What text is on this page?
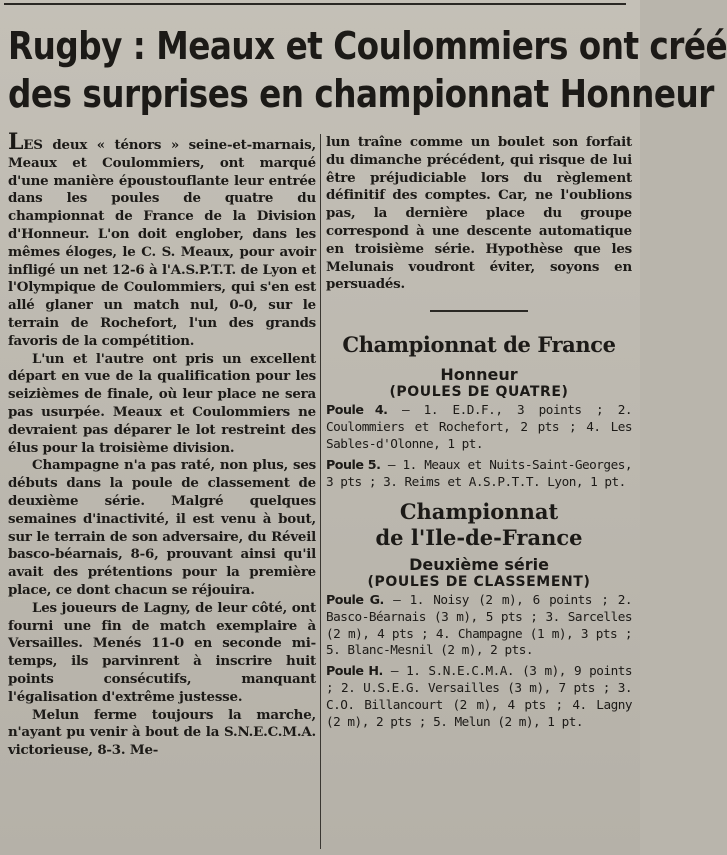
Rugby : Meaux et Coulommiers ont créé
des surprises en championnat Honneur

LES deux « ténors » seine-et-marnais, Meaux et Coulommiers, ont marqué d'une manière époustouflante leur entrée dans les poules de quatre du championnat de France de la Division d'Honneur. L'on doit englober, dans les mêmes éloges, le C. S. Meaux, pour avoir infligé un net 12-6 à l'A.S.P.T.T. de Lyon et l'Olympique de Coulommiers, qui s'en est allé glaner un match nul, 0-0, sur le terrain de Rochefort, l'un des grands favoris de la compétition.

L'un et l'autre ont pris un excellent départ en vue de la qualification pour les seizièmes de finale, où leur place ne sera pas usurpée. Meaux et Coulommiers ne devraient pas déparer le lot restreint des élus pour la troisième division.

Champagne n'a pas raté, non plus, ses débuts dans la poule de classement de deuxième série. Malgré quelques semaines d'inactivité, il est venu à bout, sur le terrain de son adversaire, du Réveil basco-béarnais, 8-6, prouvant ainsi qu'il avait des prétentions pour la première place, ce dont chacun se réjouira.

Les joueurs de Lagny, de leur côté, ont fourni une fin de match exemplaire à Versailles. Menés 11-0 en seconde mi-temps, ils parvinrent à inscrire huit points consécutifs, manquant l'égalisation d'extrême justesse.

Melun ferme toujours la marche, n'ayant pu venir à bout de la S.N.E.C.M.A. victorieuse, 8-3. Me-

lun traîne comme un boulet son forfait du dimanche précédent, qui risque de lui être préjudiciable lors du règlement définitif des comptes. Car, ne l'oublions pas, la dernière place du groupe correspond à une descente automatique en troisième série. Hypothèse que les Melunais voudront éviter, soyons en persuadés.

Championnat de France
Honneur
(POULES DE QUATRE)

Poule 4. — 1. E.D.F., 3 points ; 2. Coulommiers et Rochefort, 2 pts ; 4. Les Sables-d'Olonne, 1 pt.

Poule 5. — 1. Meaux et Nuits-Saint-Georges, 3 pts ; 3. Reims et A.S.P.T.T. Lyon, 1 pt.

Championnat
de l'Ile-de-France
Deuxième série
(POULES DE CLASSEMENT)

Poule G. — 1. Noisy (2 m), 6 points ; 2. Basco-Béarnais (3 m), 5 pts ; 3. Sarcelles (2 m), 4 pts ; 4. Champagne (1 m), 3 pts ; 5. Blanc-Mesnil (2 m), 2 pts.

Poule H. — 1. S.N.E.C.M.A. (3 m), 9 points ; 2. U.S.E.G. Versailles (3 m), 7 pts ; 3. C.O. Billancourt (2 m), 4 pts ; 4. Lagny (2 m), 2 pts ; 5. Melun (2 m), 1 pt.
